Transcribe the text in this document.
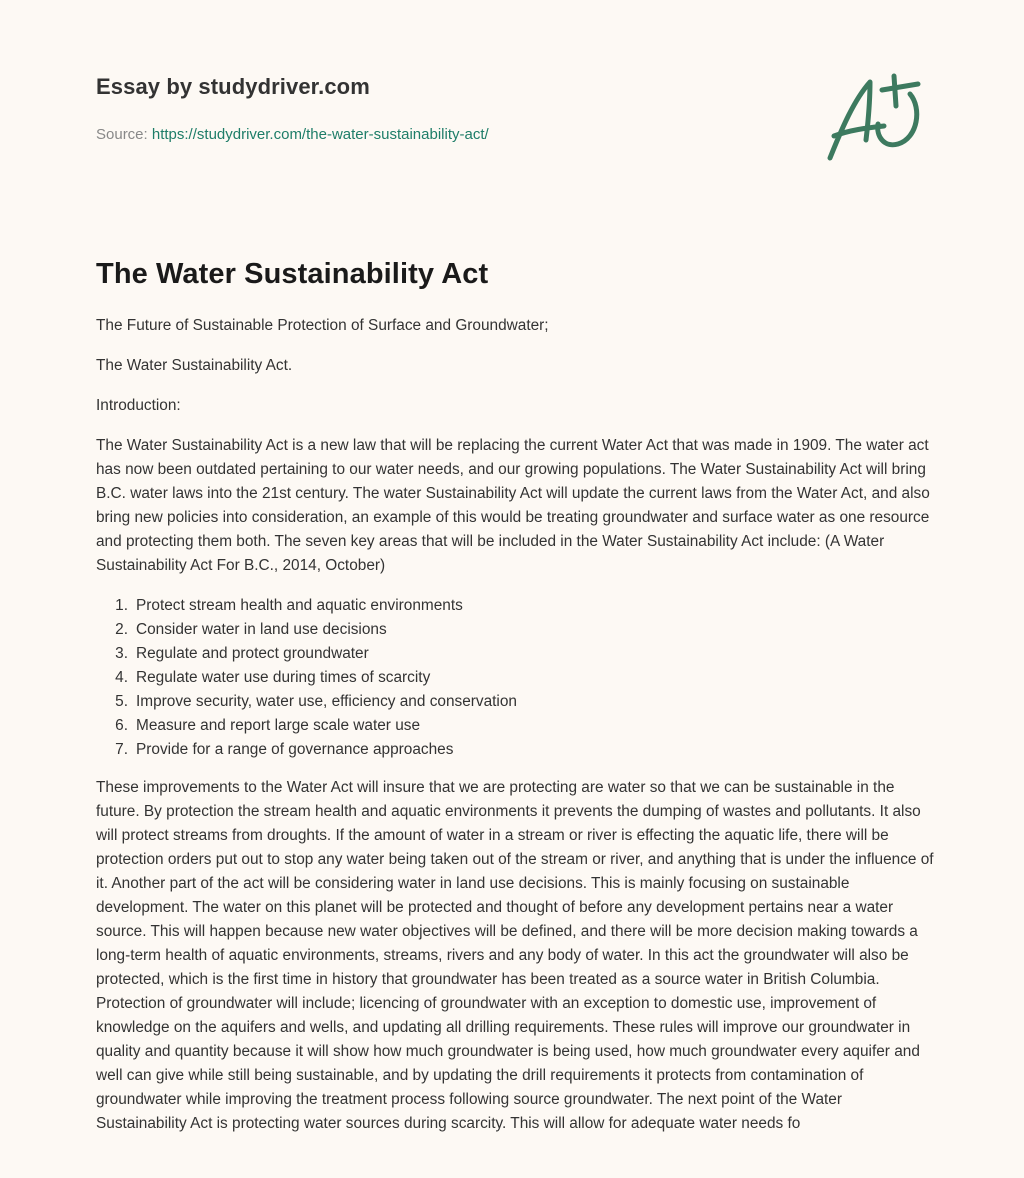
Essay by studydriver.com
Source: https://studydriver.com/the-water-sustainability-act/
The Water Sustainability Act

The Future of Sustainable Protection of Surface and Groundwater;

The Water Sustainability Act.

Introduction:

The Water Sustainability Act is a new law that will be replacing the current Water Act that was made in 1909. The water act has now been outdated pertaining to our water needs, and our growing populations. The Water Sustainability Act will bring B.C. water laws into the 21st century. The water Sustainability Act will update the current laws from the Water Act, and also bring new policies into consideration, an example of this would be treating groundwater and surface water as one resource and protecting them both. The seven key areas that will be included in the Water Sustainability Act include: (A Water Sustainability Act For B.C., 2014, October)

1. Protect stream health and aquatic environments
2. Consider water in land use decisions
3. Regulate and protect groundwater
4. Regulate water use during times of scarcity
5. Improve security, water use, efficiency and conservation
6. Measure and report large scale water use
7. Provide for a range of governance approaches

These improvements to the Water Act will insure that we are protecting are water so that we can be sustainable in the future. By protection the stream health and aquatic environments it prevents the dumping of wastes and pollutants. It also will protect streams from droughts. If the amount of water in a stream or river is effecting the aquatic life, there will be protection orders put out to stop any water being taken out of the stream or river, and anything that is under the influence of it. Another part of the act will be considering water in land use decisions. This is mainly focusing on sustainable development. The water on this planet will be protected and thought of before any development pertains near a water source. This will happen because new water objectives will be defined, and there will be more decision making towards a long-term health of aquatic environments, streams, rivers and any body of water. In this act the groundwater will also be protected, which is the first time in history that groundwater has been treated as a source water in British Columbia. Protection of groundwater will include; licencing of groundwater with an exception to domestic use, improvement of knowledge on the aquifers and wells, and updating all drilling requirements. These rules will improve our groundwater in quality and quantity because it will show how much groundwater is being used, how much groundwater every aquifer and well can give while still being sustainable, and by updating the drill requirements it protects from contamination of groundwater while improving the treatment process following source groundwater. The next point of the Water Sustainability Act is protecting water sources during scarcity. This will allow for adequate water needs fo
